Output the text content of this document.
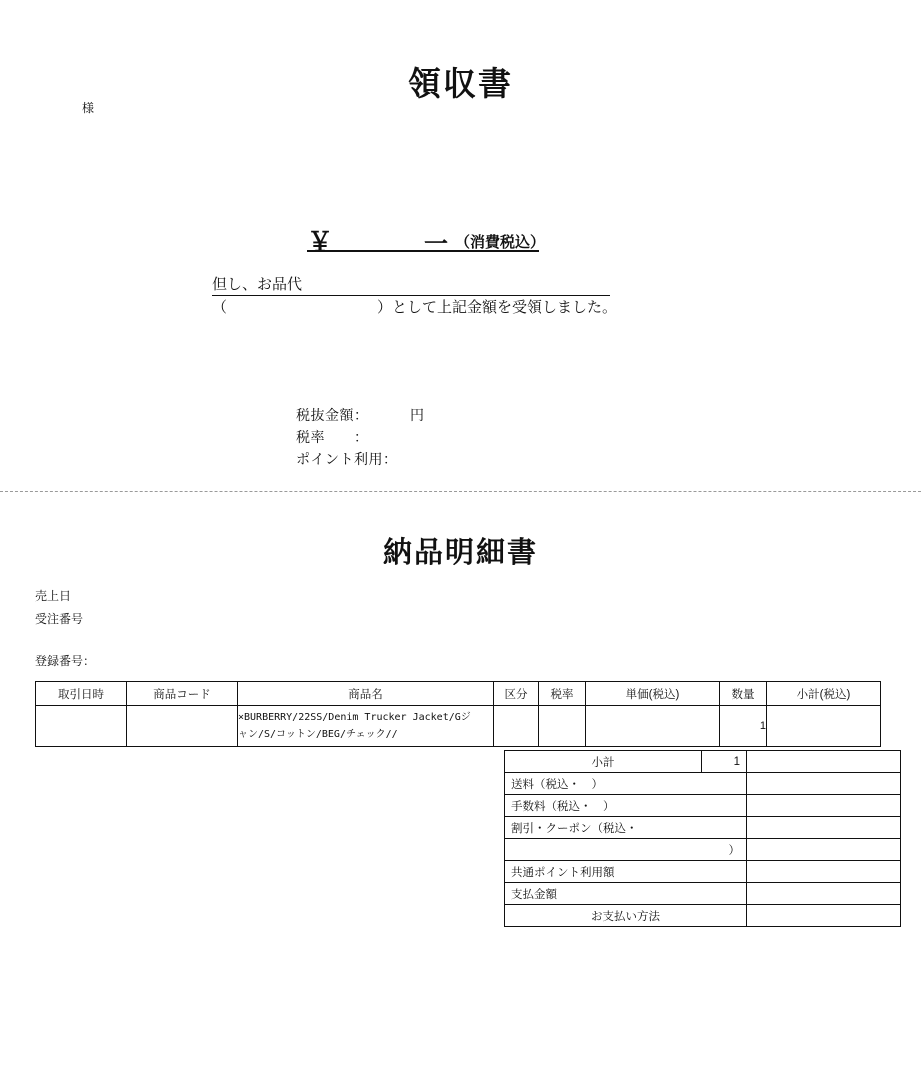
領収書
様
￥	一 （消費税込）
但し、お品代
（	）として上記金額を受領しました。
税抜金額：	円
税率　　：
ポイント利用：
納品明細書
売上日
受注番号
登録番号：
取引日時	商品コード	商品名	区分	税率	単価(税込)	数量	小計(税込)

		×BURBERRY/22SS/Denim Trucker Jacket/Gジ
ャン/S/コットン/BEG/チェック//				1	
小計	1	
送料（税込・　）		
手数料（税込・　）		
割引・クーポン（税込・		
）		
共通ポイント利用額		
支払金額		
お支払い方法		
